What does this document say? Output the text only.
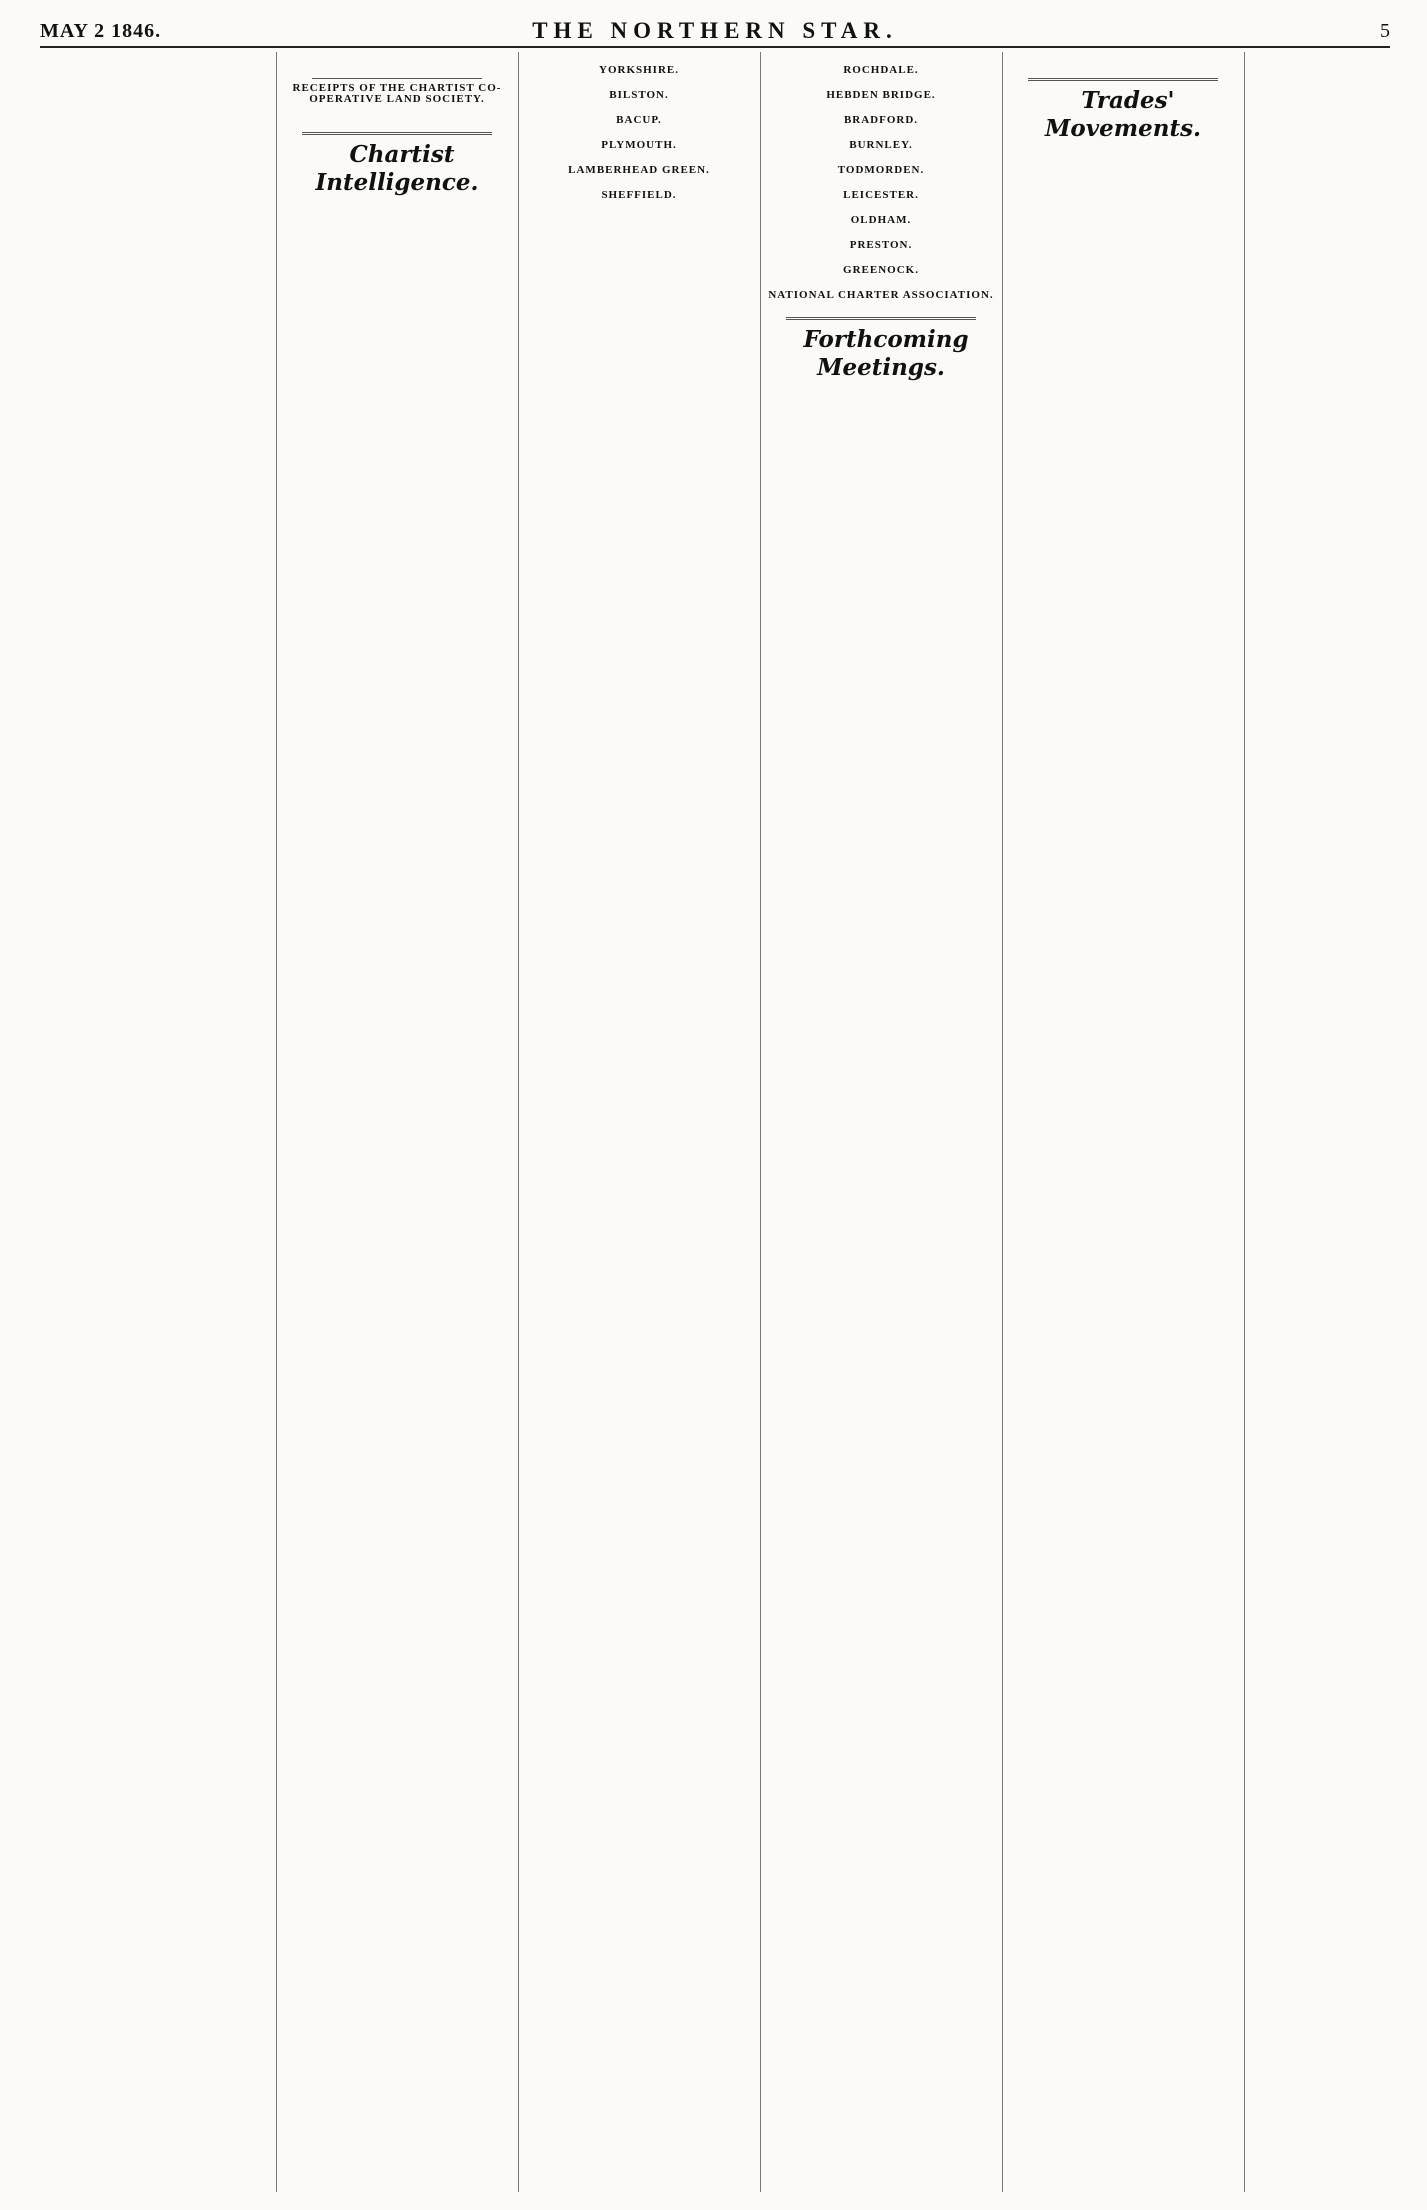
MAY 2 1846.	THE NORTHERN STAR.	5

RECEIPTS OF THE CHARTIST CO-OPERATIVE LAND SOCIETY.

Chartist Intelligence.

YORKSHIRE.

BILSTON.

BACUP.

PLYMOUTH.

LAMBERHEAD GREEN.

SHEFFIELD.

ROCHDALE.

HEBDEN BRIDGE.

BRADFORD.

BURNLEY.

TODMORDEN.

LEICESTER.

OLDHAM.

PRESTON.

GREENOCK.

NATIONAL CHARTER ASSOCIATION.

Forthcoming Meetings.

Trades' Movements.
